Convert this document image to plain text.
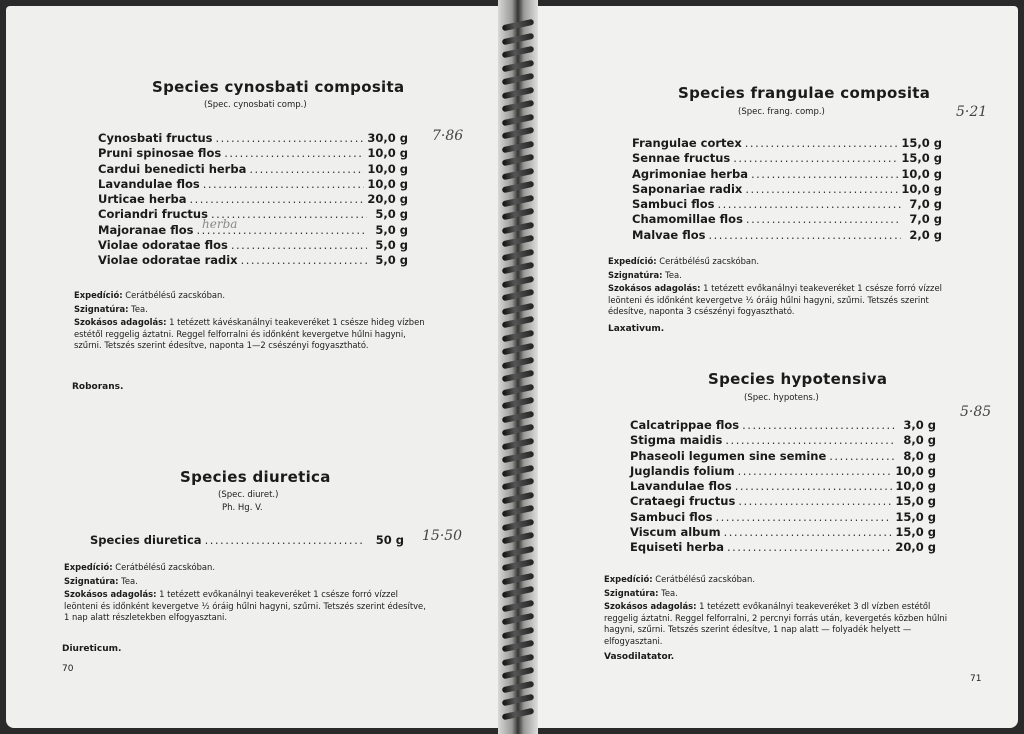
Species cynosbati composita
(Spec. cynosbati comp.)
7·86
Cynosbati fructus .....	30,0 g
Pruni spinosae flos .....	10,0 g
Cardui benedicti herba .....	10,0 g
Lavandulae flos .....	10,0 g
Urticae herba .....	20,0 g
Coriandri fructus .....	5,0 g
Majoranae flos .....	5,0 g
Violae odoratae flos .....	5,0 g
Violae odoratae radix .....	5,0 g
herba

Expedíció: Cerátbélésű zacskóban.

Szignatúra: Tea.

Szokásos adagolás: 1 tetézett kávéskanálnyi teakeveréket 1 csésze hideg vízben estétől reggelig áztatni. Reggel felforralni és időnként kevergetve hűlni hagyni, szűrni. Tetszés szerint édesítve, naponta 1—2 csészényi fogyasztható.

Roborans.
Species diuretica
(Spec. diuret.)
Ph. Hg. V.
15·50
Species diuretica .....	50 g

Expedíció: Cerátbélésű zacskóban.

Szignatúra: Tea.

Szokásos adagolás: 1 tetézett evőkanálnyi teakeveréket 1 csésze forró vízzel leönteni és időnként kevergetve ½ óráig hűlni hagyni, szűrni. Tetszés szerint édesítve, 1 nap alatt részletekben elfogyasztani.

Diureticum.
70
Species frangulae composita
(Spec. frang. comp.)	5·21
Frangulae cortex .....	15,0 g
Sennae fructus .....	15,0 g
Agrimoniae herba .....	10,0 g
Saponariae radix .....	10,0 g
Sambuci flos .....	7,0 g
Chamomillae flos .....	7,0 g
Malvae flos .....	2,0 g

Expedíció: Cerátbélésű zacskóban.

Szignatúra: Tea.

Szokásos adagolás: 1 tetézett evőkanálnyi teakeveréket 1 csésze forró vízzel leönteni és időnként kevergetve ½ óráig hűlni hagyni, szűrni. Tetszés szerint édesítve, naponta 3 csészényi fogyasztható.

Laxativum.
Species hypotensiva
(Spec. hypotens.)
5·85
Calcatrippae flos .....	3,0 g
Stigma maidis .....	8,0 g
Phaseoli legumen sine semine .....	8,0 g
Juglandis folium .....	10,0 g
Lavandulae flos .....	10,0 g
Crataegi fructus .....	15,0 g
Sambuci flos .....	15,0 g
Viscum album .....	15,0 g
Equiseti herba .....	20,0 g

Expedíció: Cerátbélésű zacskóban.

Szignatúra: Tea.

Szokásos adagolás: 1 tetézett evőkanálnyi teakeveréket 3 dl vízben estétől reggelig áztatni. Reggel felforralni, 2 percnyi forrás után, kevergetés közben hűlni hagyni, szűrni. Tetszés szerint édesítve, 1 nap alatt — folyadék helyett — elfogyasztani.

Vasodilatator.
71
